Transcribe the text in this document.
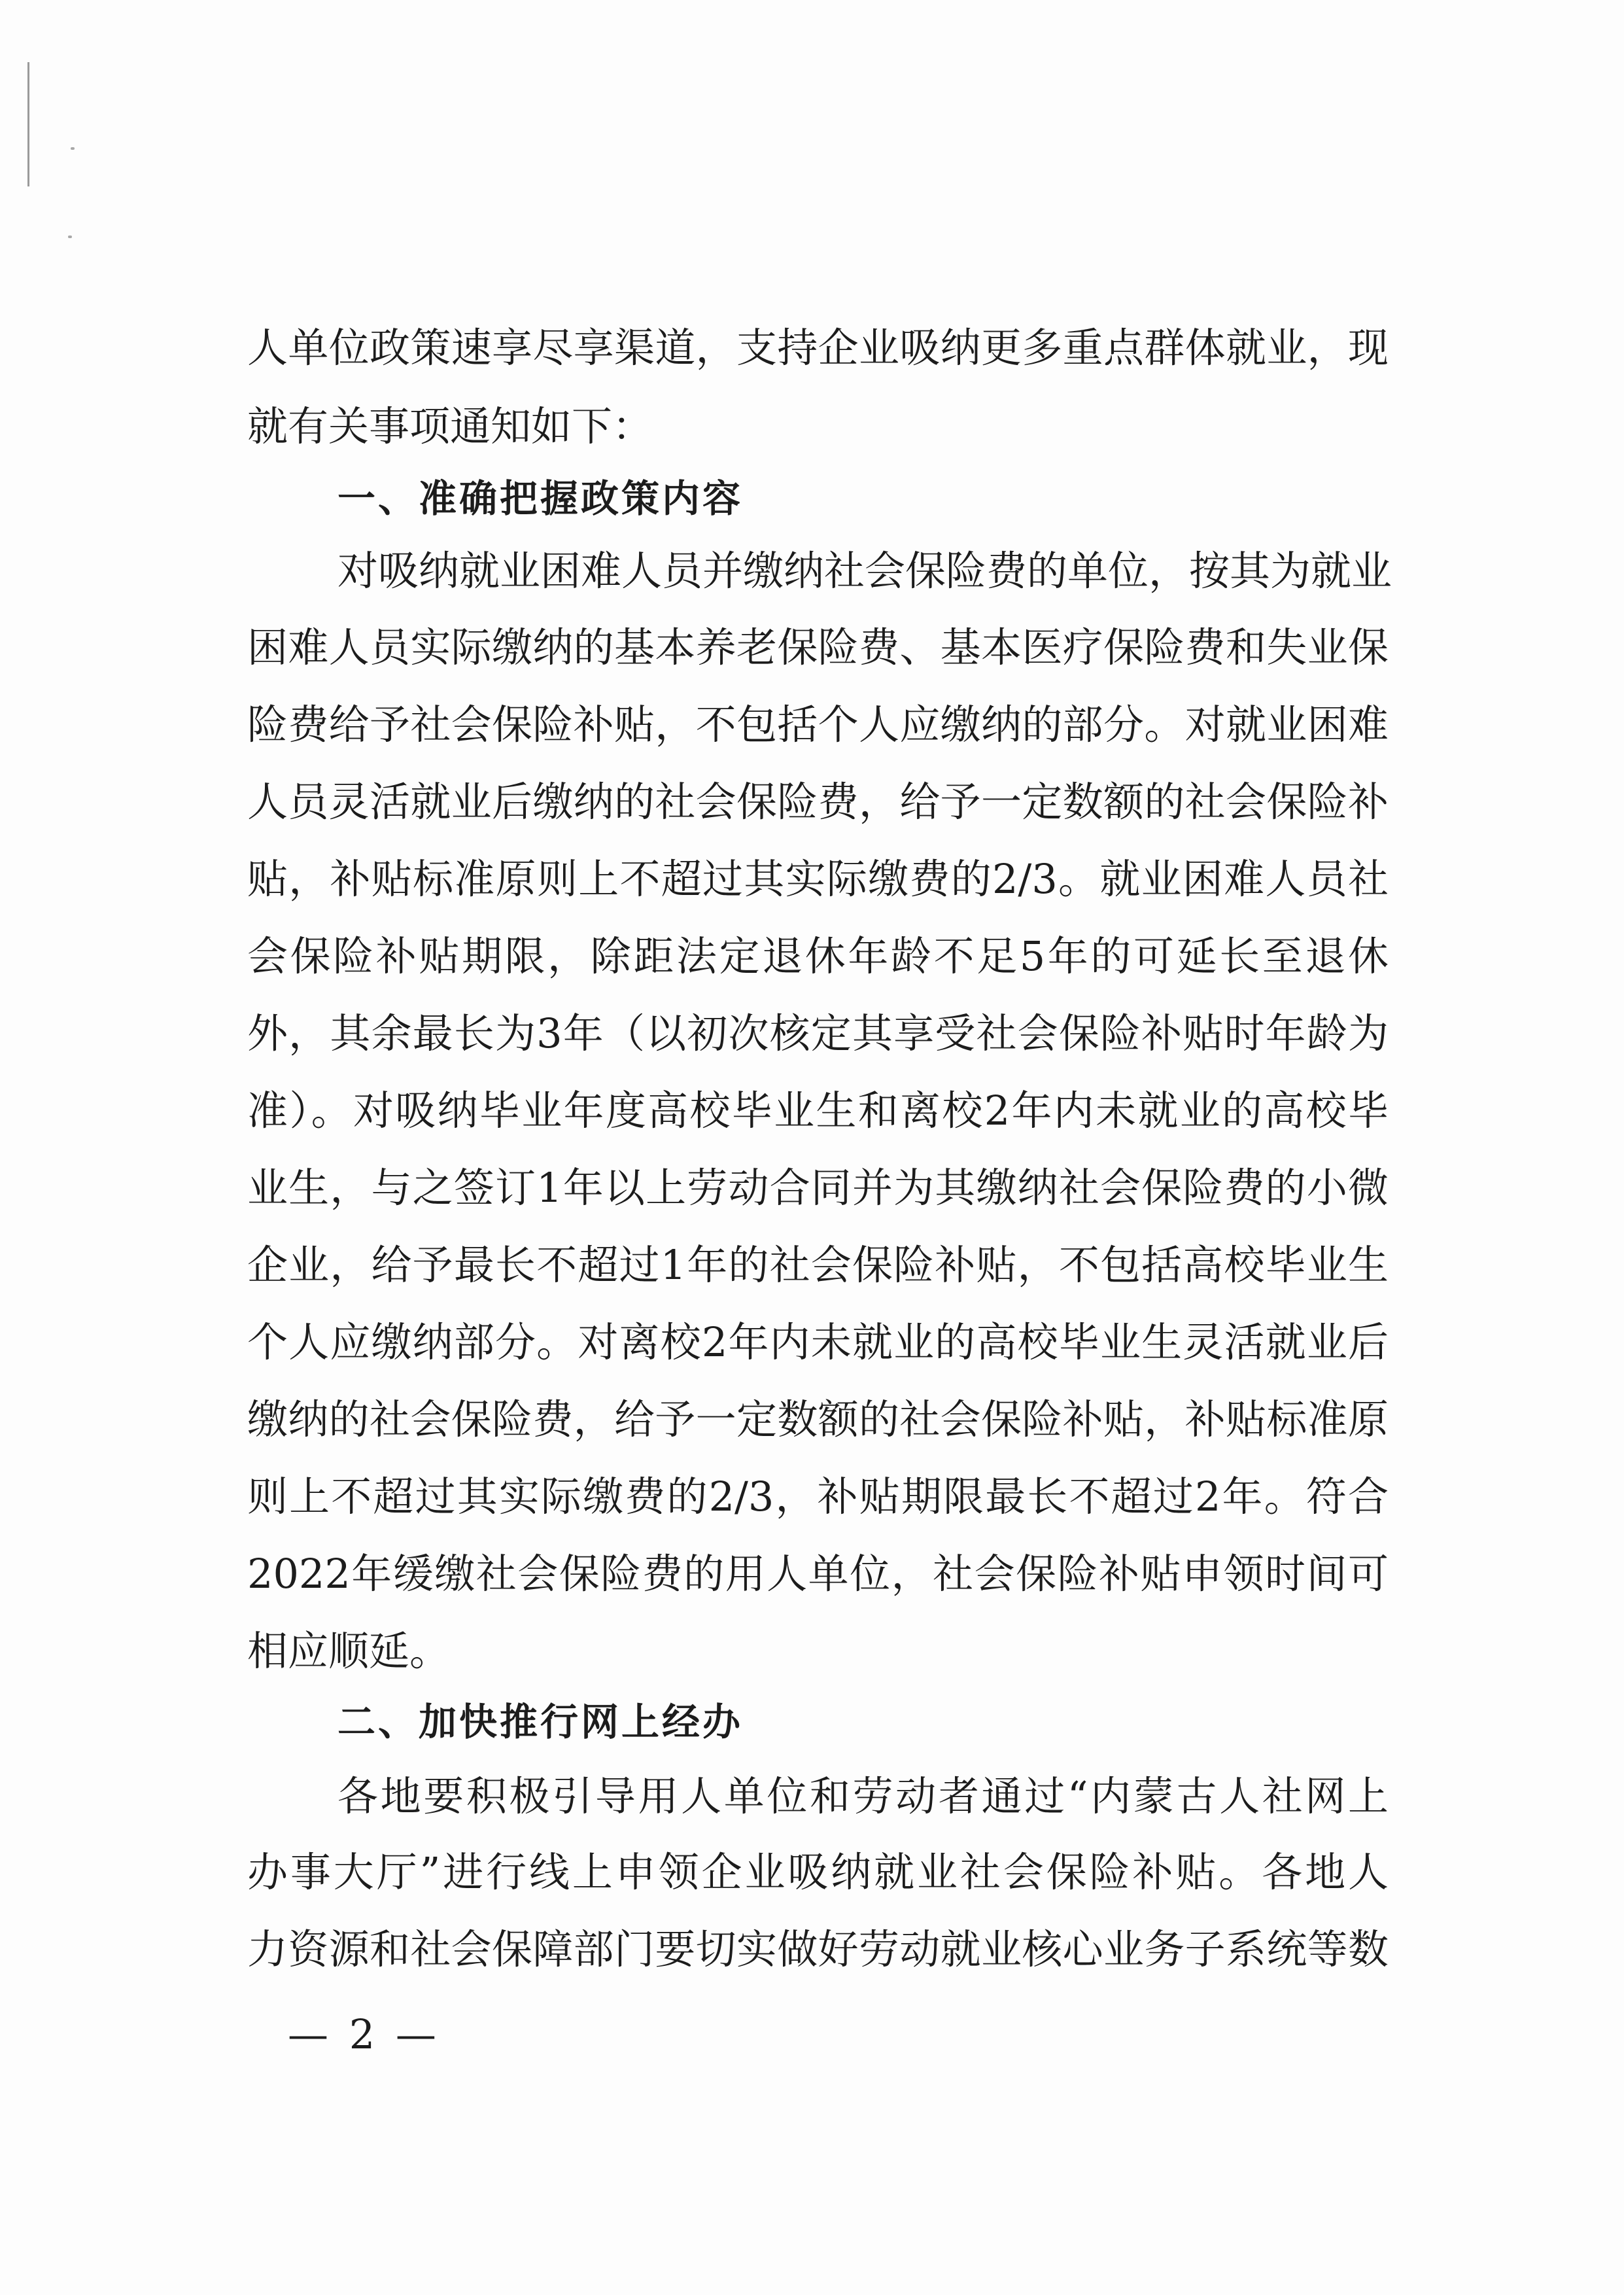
人单位政策速享尽享渠道，支持企业吸纳更多重点群体就业，现
就有关事项通知如下：
一、准确把握政策内容
对吸纳就业困难人员并缴纳社会保险费的单位，按其为就业
困难人员实际缴纳的基本养老保险费、基本医疗保险费和失业保
险费给予社会保险补贴，不包括个人应缴纳的部分。对就业困难
人员灵活就业后缴纳的社会保险费，给予一定数额的社会保险补
贴，补贴标准原则上不超过其实际缴费的2/3。就业困难人员社
会保险补贴期限，除距法定退休年龄不足5年的可延长至退休
外，其余最长为3年（以初次核定其享受社会保险补贴时年龄为
准）。对吸纳毕业年度高校毕业生和离校2年内未就业的高校毕
业生，与之签订1年以上劳动合同并为其缴纳社会保险费的小微
企业，给予最长不超过1年的社会保险补贴，不包括高校毕业生
个人应缴纳部分。对离校2年内未就业的高校毕业生灵活就业后
缴纳的社会保险费，给予一定数额的社会保险补贴，补贴标准原
则上不超过其实际缴费的2/3，补贴期限最长不超过2年。符合
2022年缓缴社会保险费的用人单位，社会保险补贴申领时间可
相应顺延。
二、加快推行网上经办
各地要积极引导用人单位和劳动者通过“内蒙古人社网上
办事大厅”进行线上申领企业吸纳就业社会保险补贴。各地人
力资源和社会保障部门要切实做好劳动就业核心业务子系统等数
— 2 —
